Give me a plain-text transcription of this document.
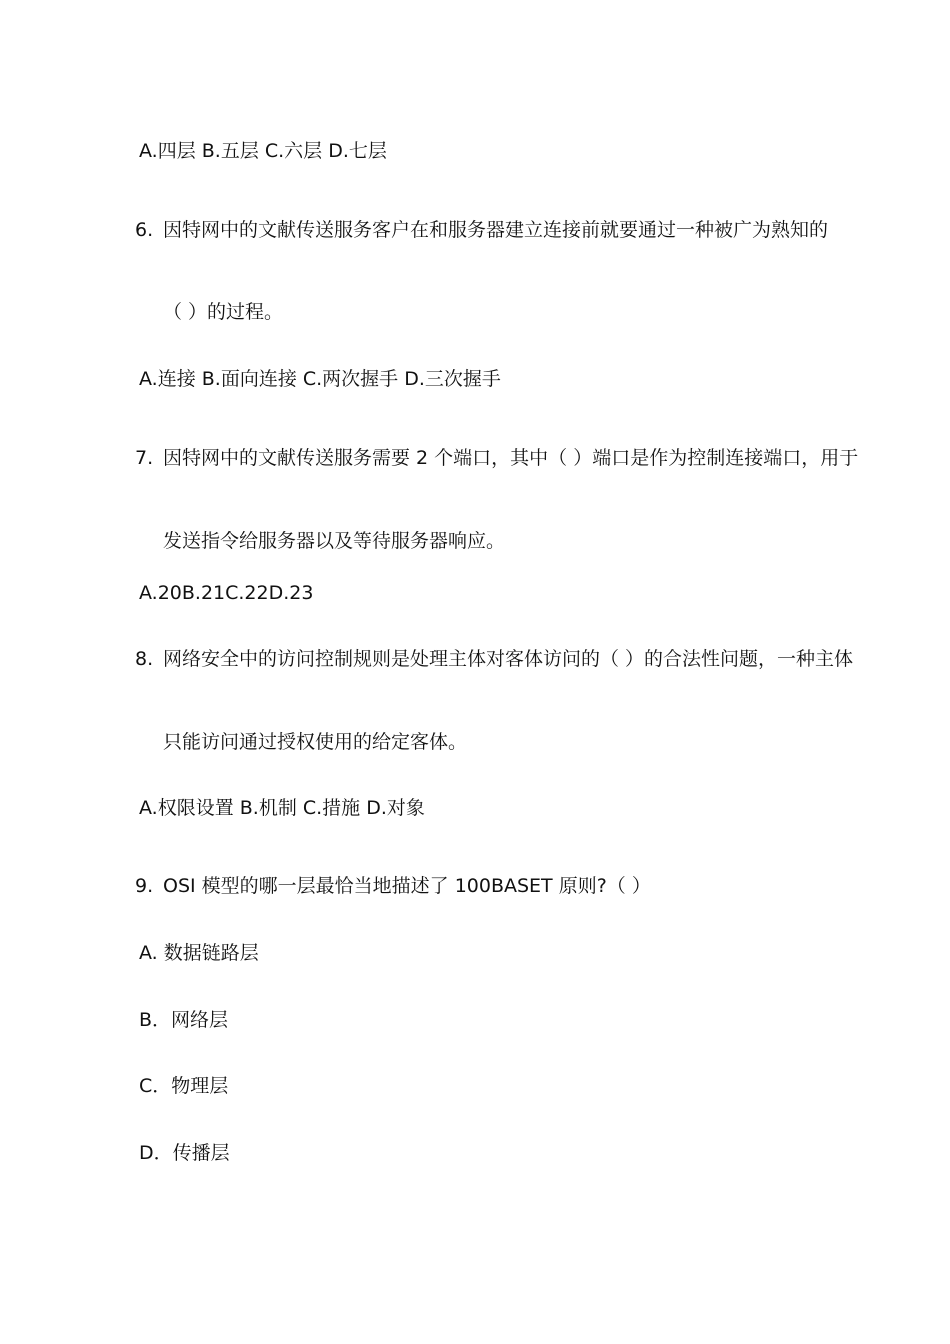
A.四层 B.五层 C.六层 D.七层
6. 因特网中的文献传送服务客户在和服务器建立连接前就要通过一种被广为熟知的
（ ）的过程。
A.连接 B.面向连接 C.两次握手 D.三次握手
7. 因特网中的文献传送服务需要 2 个端口，其中（ ）端口是作为控制连接端口，用于
发送指令给服务器以及等待服务器响应。
A.20B.21C.22D.23
8. 网络安全中的访问控制规则是处理主体对客体访问的（ ）的合法性问题，一种主体
只能访问通过授权使用的给定客体。
A.权限设置 B.机制 C.措施 D.对象
9. OSI 模型的哪一层最恰当地描述了 100BASET 原则?（ ）
A. 数据链路层
B．网络层
C．物理层
D．传播层
